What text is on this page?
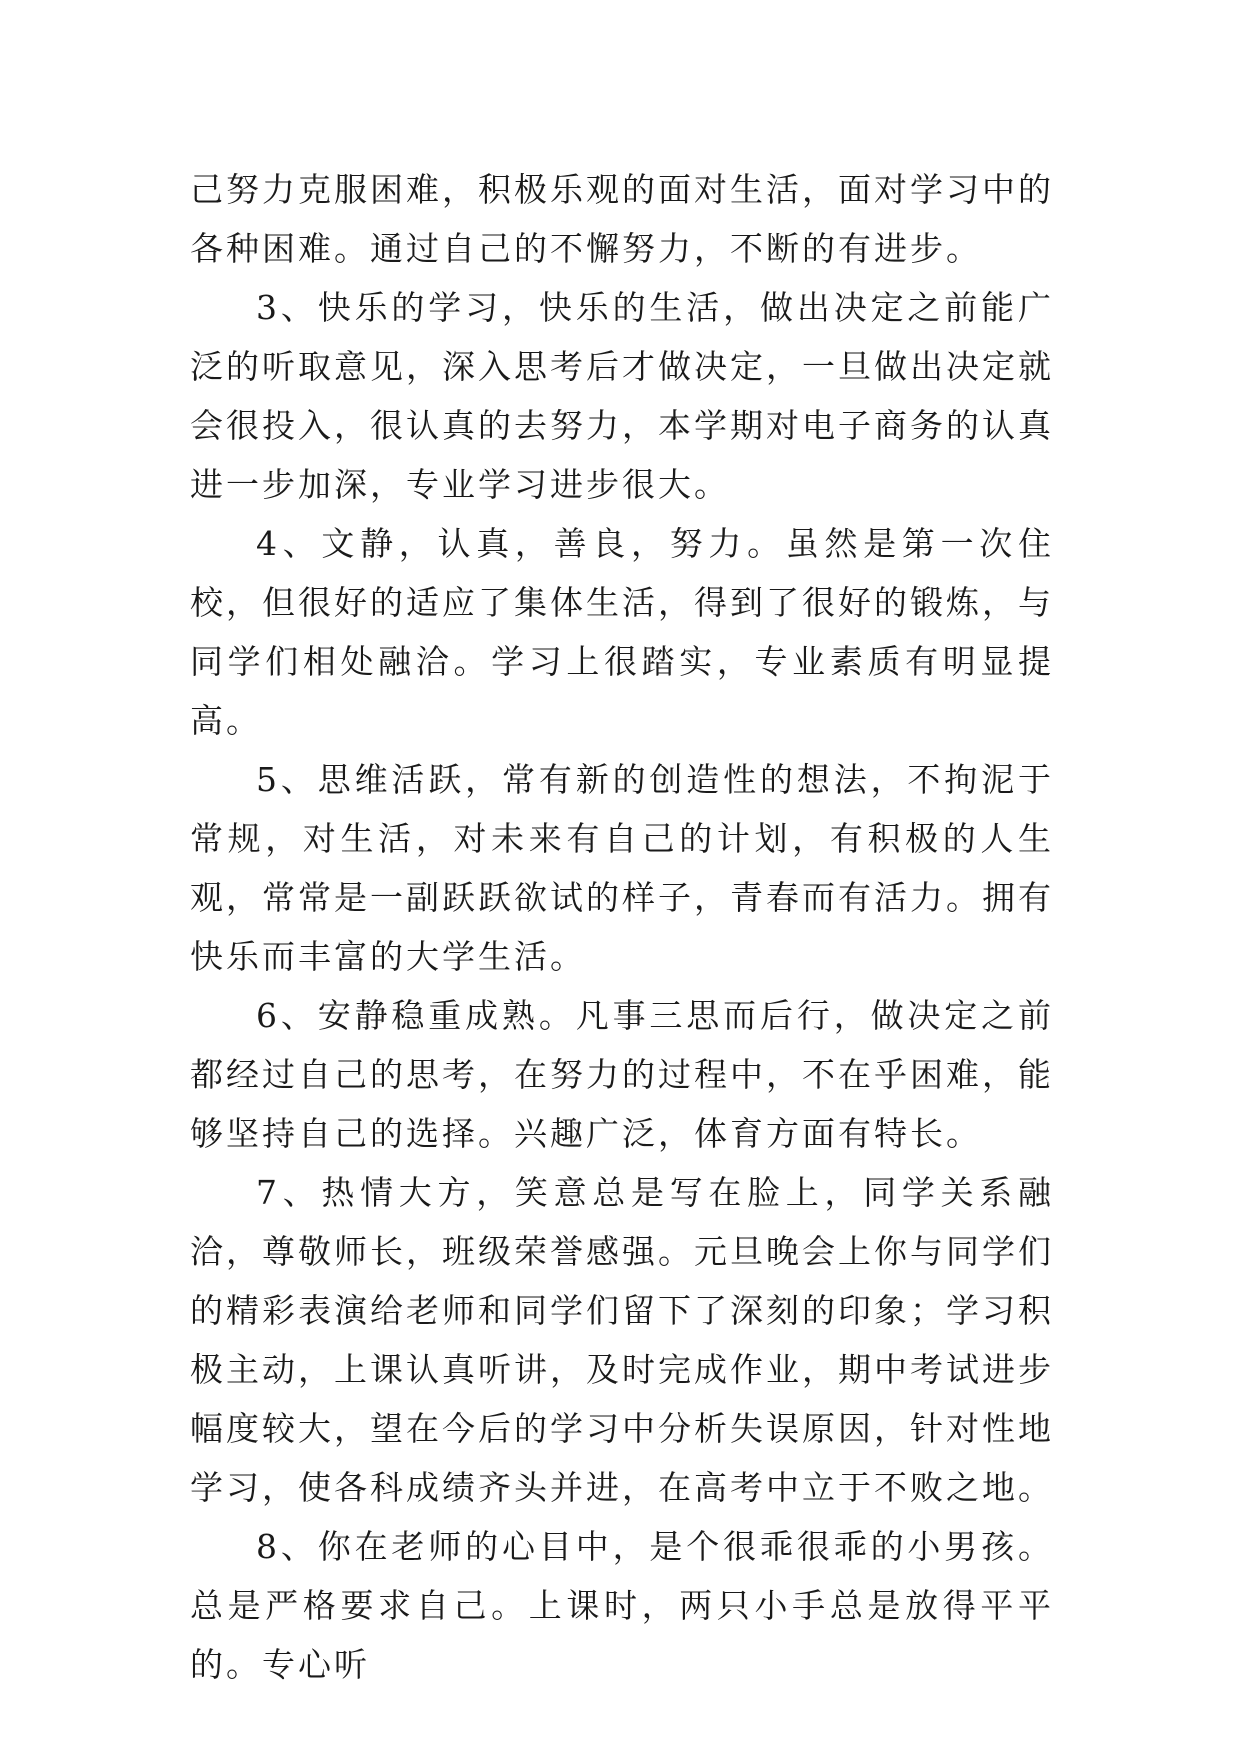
己努力克服困难，积极乐观的面对生活，面对学习中的各种困难。通过自己的不懈努力，不断的有进步。

3、快乐的学习，快乐的生活，做出决定之前能广泛的听取意见，深入思考后才做决定，一旦做出决定就会很投入，很认真的去努力，本学期对电子商务的认真进一步加深，专业学习进步很大。

4、文静，认真，善良，努力。虽然是第一次住校，但很好的适应了集体生活，得到了很好的锻炼，与同学们相处融洽。学习上很踏实，专业素质有明显提高。

5、思维活跃，常有新的创造性的想法，不拘泥于常规，对生活，对未来有自己的计划，有积极的人生观，常常是一副跃跃欲试的样子，青春而有活力。拥有快乐而丰富的大学生活。

6、安静稳重成熟。凡事三思而后行，做决定之前都经过自己的思考，在努力的过程中，不在乎困难，能够坚持自己的选择。兴趣广泛，体育方面有特长。

7、热情大方，笑意总是写在脸上，同学关系融洽，尊敬师长，班级荣誉感强。元旦晚会上你与同学们的精彩表演给老师和同学们留下了深刻的印象；学习积极主动，上课认真听讲，及时完成作业，期中考试进步幅度较大，望在今后的学习中分析失误原因，针对性地学习，使各科成绩齐头并进，在高考中立于不败之地。

8、你在老师的心目中，是个很乖很乖的小男孩。总是严格要求自己。上课时，两只小手总是放得平平的。专心听
